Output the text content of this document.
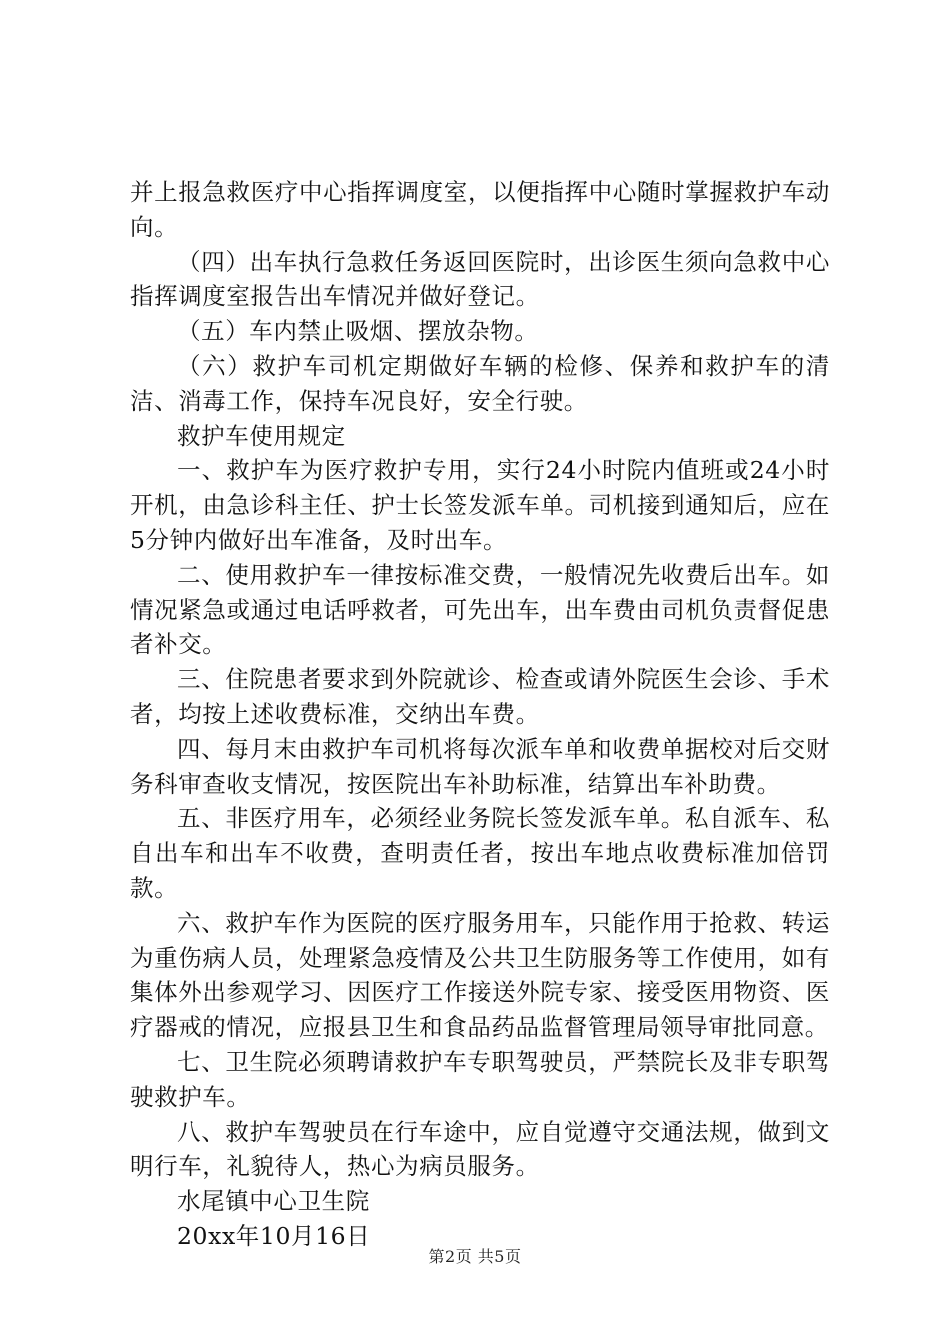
并上报急救医疗中心指挥调度室，以便指挥中心随时掌握救护车动向。

（四）出车执行急救任务返回医院时，出诊医生须向急救中心指挥调度室报告出车情况并做好登记。

（五）车内禁止吸烟、摆放杂物。

（六）救护车司机定期做好车辆的检修、保养和救护车的清洁、消毒工作，保持车况良好，安全行驶。

救护车使用规定

一、救护车为医疗救护专用，实行24小时院内值班或24小时开机，由急诊科主任、护士长签发派车单。司机接到通知后，应在5分钟内做好出车准备，及时出车。

二、使用救护车一律按标准交费，一般情况先收费后出车。如情况紧急或通过电话呼救者，可先出车，出车费由司机负责督促患者补交。

三、住院患者要求到外院就诊、检查或请外院医生会诊、手术者，均按上述收费标准，交纳出车费。

四、每月末由救护车司机将每次派车单和收费单据校对后交财务科审查收支情况，按医院出车补助标准，结算出车补助费。

五、非医疗用车，必须经业务院长签发派车单。私自派车、私自出车和出车不收费，查明责任者，按出车地点收费标准加倍罚款。

六、救护车作为医院的医疗服务用车，只能作用于抢救、转运为重伤病人员，处理紧急疫情及公共卫生防服务等工作使用，如有集体外出参观学习、因医疗工作接送外院专家、接受医用物资、医疗器戒的情况，应报县卫生和食品药品监督管理局领导审批同意。

七、卫生院必须聘请救护车专职驾驶员，严禁院长及非专职驾驶救护车。

八、救护车驾驶员在行车途中，应自觉遵守交通法规，做到文明行车，礼貌待人，热心为病员服务。

水尾镇中心卫生院

20xx年10月16日

第2页 共5页
